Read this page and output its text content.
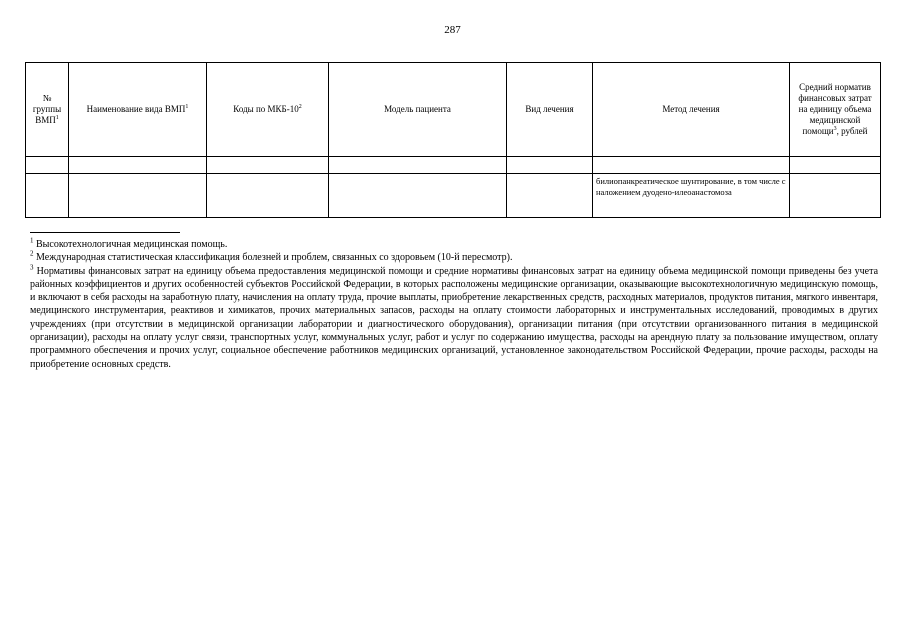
287
№ группы ВМП$^1$	Наименование вида ВМП$^1$	Коды по МКБ-$10^2$	Модель пациента	Вид лечения	Метод лечения	Средний норматив финансовых затрат на единицу объема медицинской помощи$^3$, рублей

					билиопанкреатическое шунтирование, в том числе с наложением дуодено-илеоанастомоза	

$^1$ Высокотехнологичная медицинская помощь.

$^2$ Международная статистическая классификация болезней и проблем, связанных со здоровьем (10-й пересмотр).

$^3$ Нормативы финансовых затрат на единицу объема предоставления медицинской помощи и средние нормативы финансовых затрат на единицу объема медицинской помощи приведены без учета районных коэффициентов и других особенностей субъектов Российской Федерации, в которых расположены медицинские организации, оказывающие высокотехнологичную медицинскую помощь, и включают в себя расходы на заработную плату, начисления на оплату труда, прочие выплаты, приобретение лекарственных средств, расходных материалов, продуктов питания, мягкого инвентаря, медицинского инструментария, реактивов и химикатов, прочих материальных запасов, расходы на оплату стоимости лабораторных и инструментальных исследований, проводимых в других учреждениях (при отсутствии в медицинской организации лаборатории и диагностического оборудования), организации питания (при отсутствии организованного питания в медицинской организации), расходы на оплату услуг связи, транспортных услуг, коммунальных услуг, работ и услуг по содержанию имущества, расходы на арендную плату за пользование имуществом, оплату программного обеспечения и прочих услуг, социальное обеспечение работников медицинских организаций, установленное законодательством Российской Федерации, прочие расходы, расходы на приобретение основных средств.
